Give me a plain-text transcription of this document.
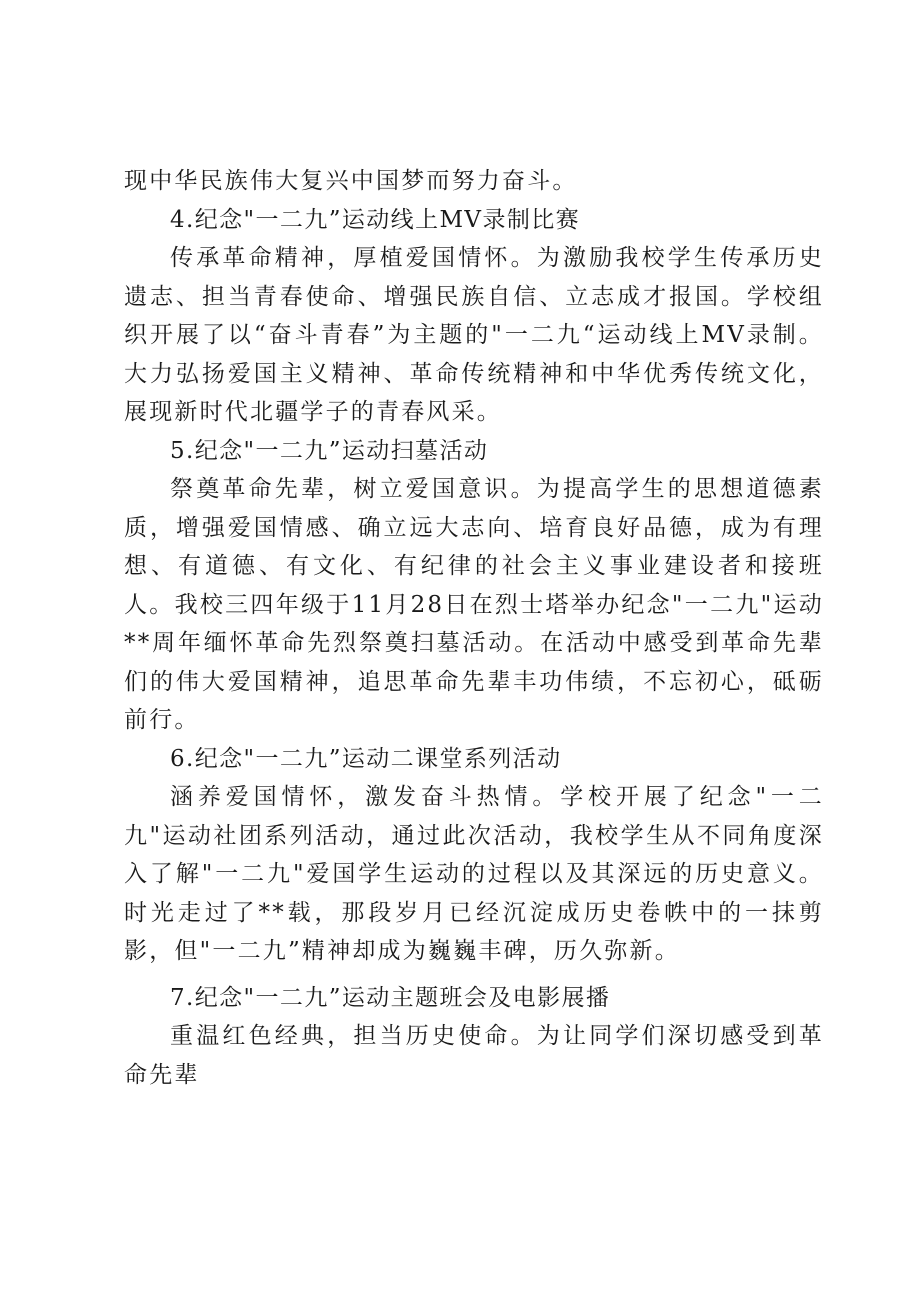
现中华民族伟大复兴中国梦而努力奋斗。

4.纪念"一二九”运动线上MV录制比赛

传承革命精神，厚植爱国情怀。为激励我校学生传承历史遗志、担当青春使命、增强民族自信、立志成才报国。学校组织开展了以“奋斗青春”为主题的"一二九“运动线上MV录制。大力弘扬爱国主义精神、革命传统精神和中华优秀传统文化，展现新时代北疆学子的青春风采。

5.纪念"一二九”运动扫墓活动

祭奠革命先辈，树立爱国意识。为提高学生的思想道德素质，增强爱国情感、确立远大志向、培育良好品德，成为有理想、有道德、有文化、有纪律的社会主义事业建设者和接班人。我校三四年级于11月28日在烈士塔举办纪念"一二九"运动**周年缅怀革命先烈祭奠扫墓活动。在活动中感受到革命先辈们的伟大爱国精神，追思革命先辈丰功伟绩，不忘初心，砥砺前行。

6.纪念"一二九”运动二课堂系列活动

涵养爱国情怀，激发奋斗热情。学校开展了纪念"一二九"运动社团系列活动，通过此次活动，我校学生从不同角度深入了解"一二九"爱国学生运动的过程以及其深远的历史意义。时光走过了**载，那段岁月已经沉淀成历史卷帙中的一抹剪影，但"一二九”精神却成为巍巍丰碑，历久弥新。

7.纪念"一二九”运动主题班会及电影展播

重温红色经典，担当历史使命。为让同学们深切感受到革命先辈
